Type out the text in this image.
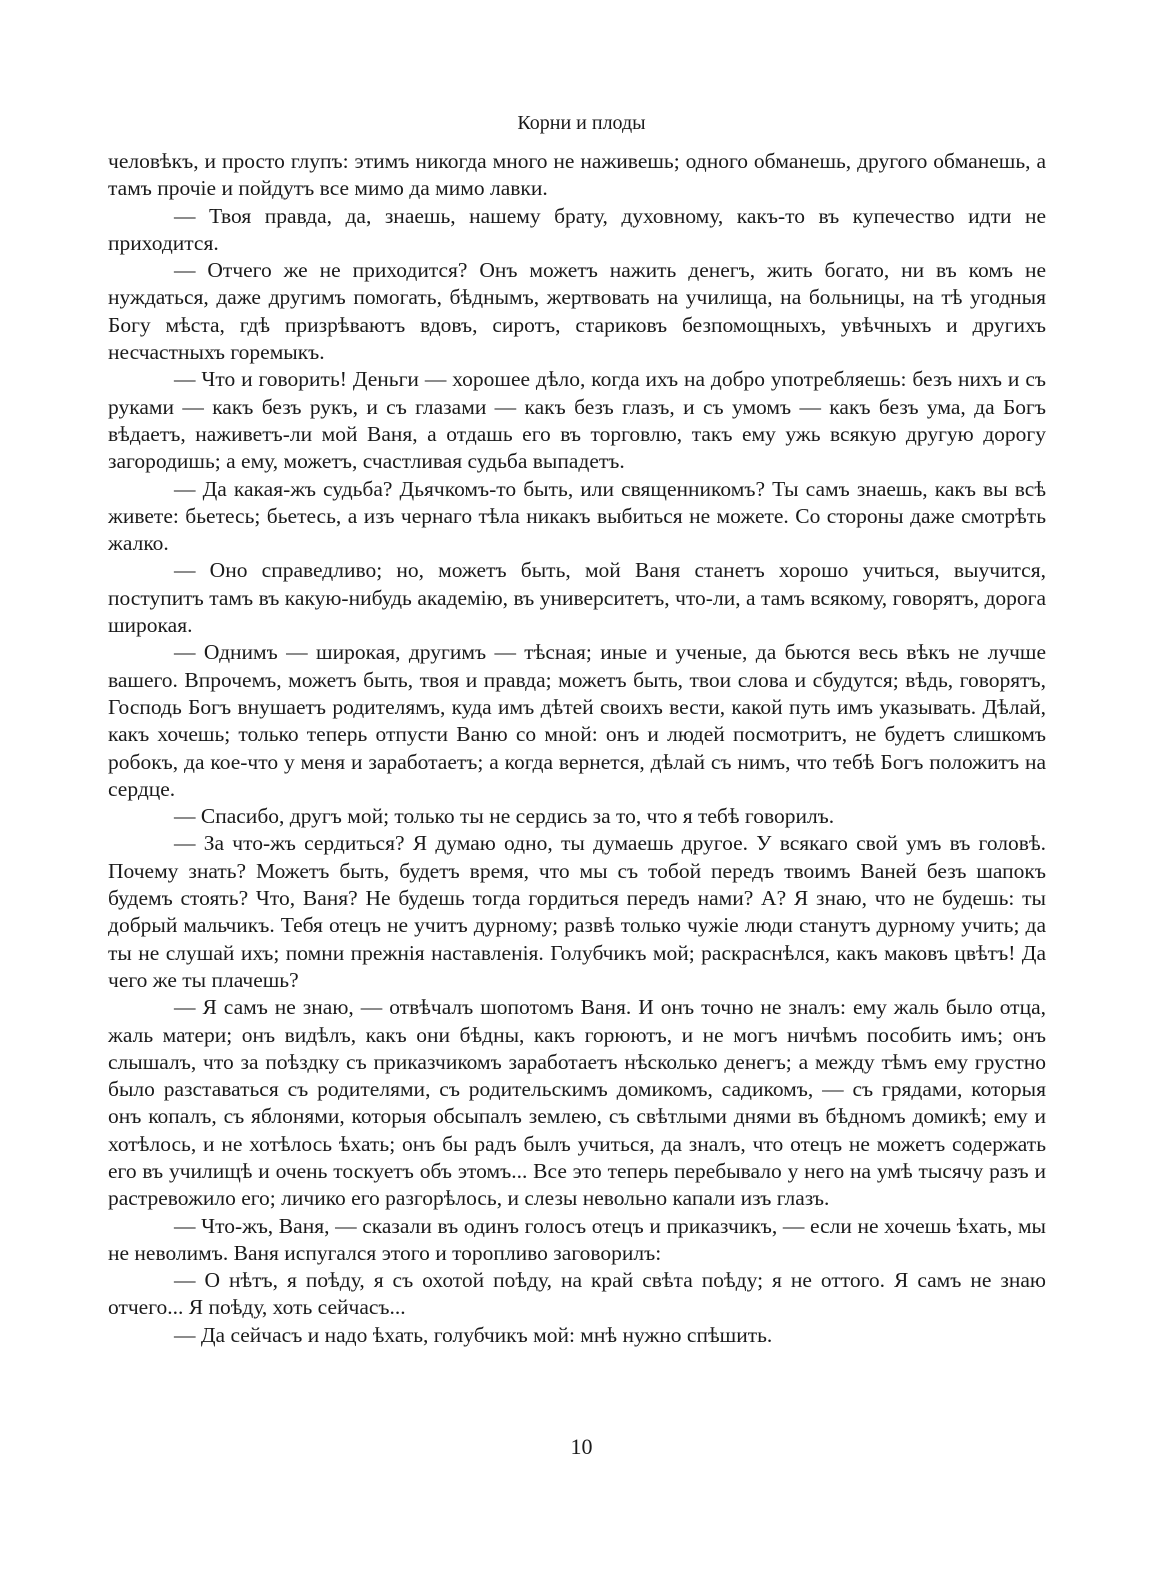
Корни и плоды

человѣкъ, и просто глупъ: этимъ никогда много не наживешь; одного обманешь, другого обманешь, а тамъ прочіе и пойдутъ все мимо да мимо лавки.

— Твоя правда, да, знаешь, нашему брату, духовному, какъ-то въ купечество идти не приходится.

— Отчего же не приходится? Онъ можетъ нажить денегъ, жить богато, ни въ комъ не нуждаться, даже другимъ помогать, бѣднымъ, жертвовать на училища, на больницы, на тѣ угодныя Богу мѣста, гдѣ призрѣваютъ вдовъ, сиротъ, стариковъ безпомощныхъ, увѣчныхъ и другихъ несчастныхъ горемыкъ.

— Что и говорить! Деньги — хорошее дѣло, когда ихъ на добро употребляешь: безъ нихъ и съ руками — какъ безъ рукъ, и съ глазами — какъ безъ глазъ, и съ умомъ — какъ безъ ума, да Богъ вѣдаетъ, наживетъ-ли мой Ваня, а отдашь его въ торговлю, такъ ему ужь всякую другую дорогу загородишь; а ему, можетъ, счастливая судьба выпадетъ.

— Да какая-жъ судьба? Дьячкомъ-то быть, или священникомъ? Ты самъ знаешь, какъ вы всѣ живете: бьетесь; бьетесь, а изъ чернаго тѣла никакъ выбиться не можете. Со стороны даже смотрѣть жалко.

— Оно справедливо; но, можетъ быть, мой Ваня станетъ хорошо учиться, выучится, поступитъ тамъ въ какую-нибудь академію, въ университетъ, что-ли, а тамъ всякому, говорятъ, дорога широкая.

— Однимъ — широкая, другимъ — тѣсная; иные и ученые, да бьются весь вѣкъ не лучше вашего. Впрочемъ, можетъ быть, твоя и правда; можетъ быть, твои слова и сбудутся; вѣдь, говорятъ, Господь Богъ внушаетъ родителямъ, куда имъ дѣтей своихъ вести, какой путь имъ указывать. Дѣлай, какъ хочешь; только теперь отпусти Ваню со мной: онъ и людей посмотритъ, не будетъ слишкомъ робокъ, да кое-что у меня и заработаетъ; а когда вернется, дѣлай съ нимъ, что тебѣ Богъ положитъ на сердце.

— Спасибо, другъ мой; только ты не сердись за то, что я тебѣ говорилъ.

— За что-жъ сердиться? Я думаю одно, ты думаешь другое. У всякаго свой умъ въ головѣ. Почему знать? Можетъ быть, будетъ время, что мы съ тобой передъ твоимъ Ваней безъ шапокъ будемъ стоять? Что, Ваня? Не будешь тогда гордиться передъ нами? А? Я знаю, что не будешь: ты добрый мальчикъ. Тебя отецъ не учитъ дурному; развѣ только чужіе люди станутъ дурному учить; да ты не слушай ихъ; помни прежнія наставленія. Голубчикъ мой; раскраснѣлся, какъ маковъ цвѣтъ! Да чего же ты плачешь?

— Я самъ не знаю, — отвѣчалъ шопотомъ Ваня. И онъ точно не зналъ: ему жаль было отца, жаль матери; онъ видѣлъ, какъ они бѣдны, какъ горюютъ, и не могъ ничѣмъ пособить имъ; онъ слышалъ, что за поѣздку съ приказчикомъ заработаетъ нѣсколько денегъ; а между тѣмъ ему грустно было разставаться съ родителями, съ родительскимъ домикомъ, садикомъ, — съ грядами, которыя онъ копалъ, съ яблонями, которыя обсыпалъ землею, съ свѣтлыми днями въ бѣдномъ домикѣ; ему и хотѣлось, и не хотѣлось ѣхать; онъ бы радъ былъ учиться, да зналъ, что отецъ не можетъ содержать его въ училищѣ и очень тоскуетъ объ этомъ... Все это теперь перебывало у него на умѣ тысячу разъ и растревожило его; личико его разгорѣлось, и слезы невольно капали изъ глазъ.

— Что-жъ, Ваня, — сказали въ одинъ голосъ отецъ и приказчикъ, — если не хочешь ѣхать, мы не неволимъ. Ваня испугался этого и торопливо заговорилъ:

— О нѣтъ, я поѣду, я съ охотой поѣду, на край свѣта поѣду; я не оттого. Я самъ не знаю отчего... Я поѣду, хоть сейчасъ...

— Да сейчасъ и надо ѣхать, голубчикъ мой: мнѣ нужно спѣшить.

10
